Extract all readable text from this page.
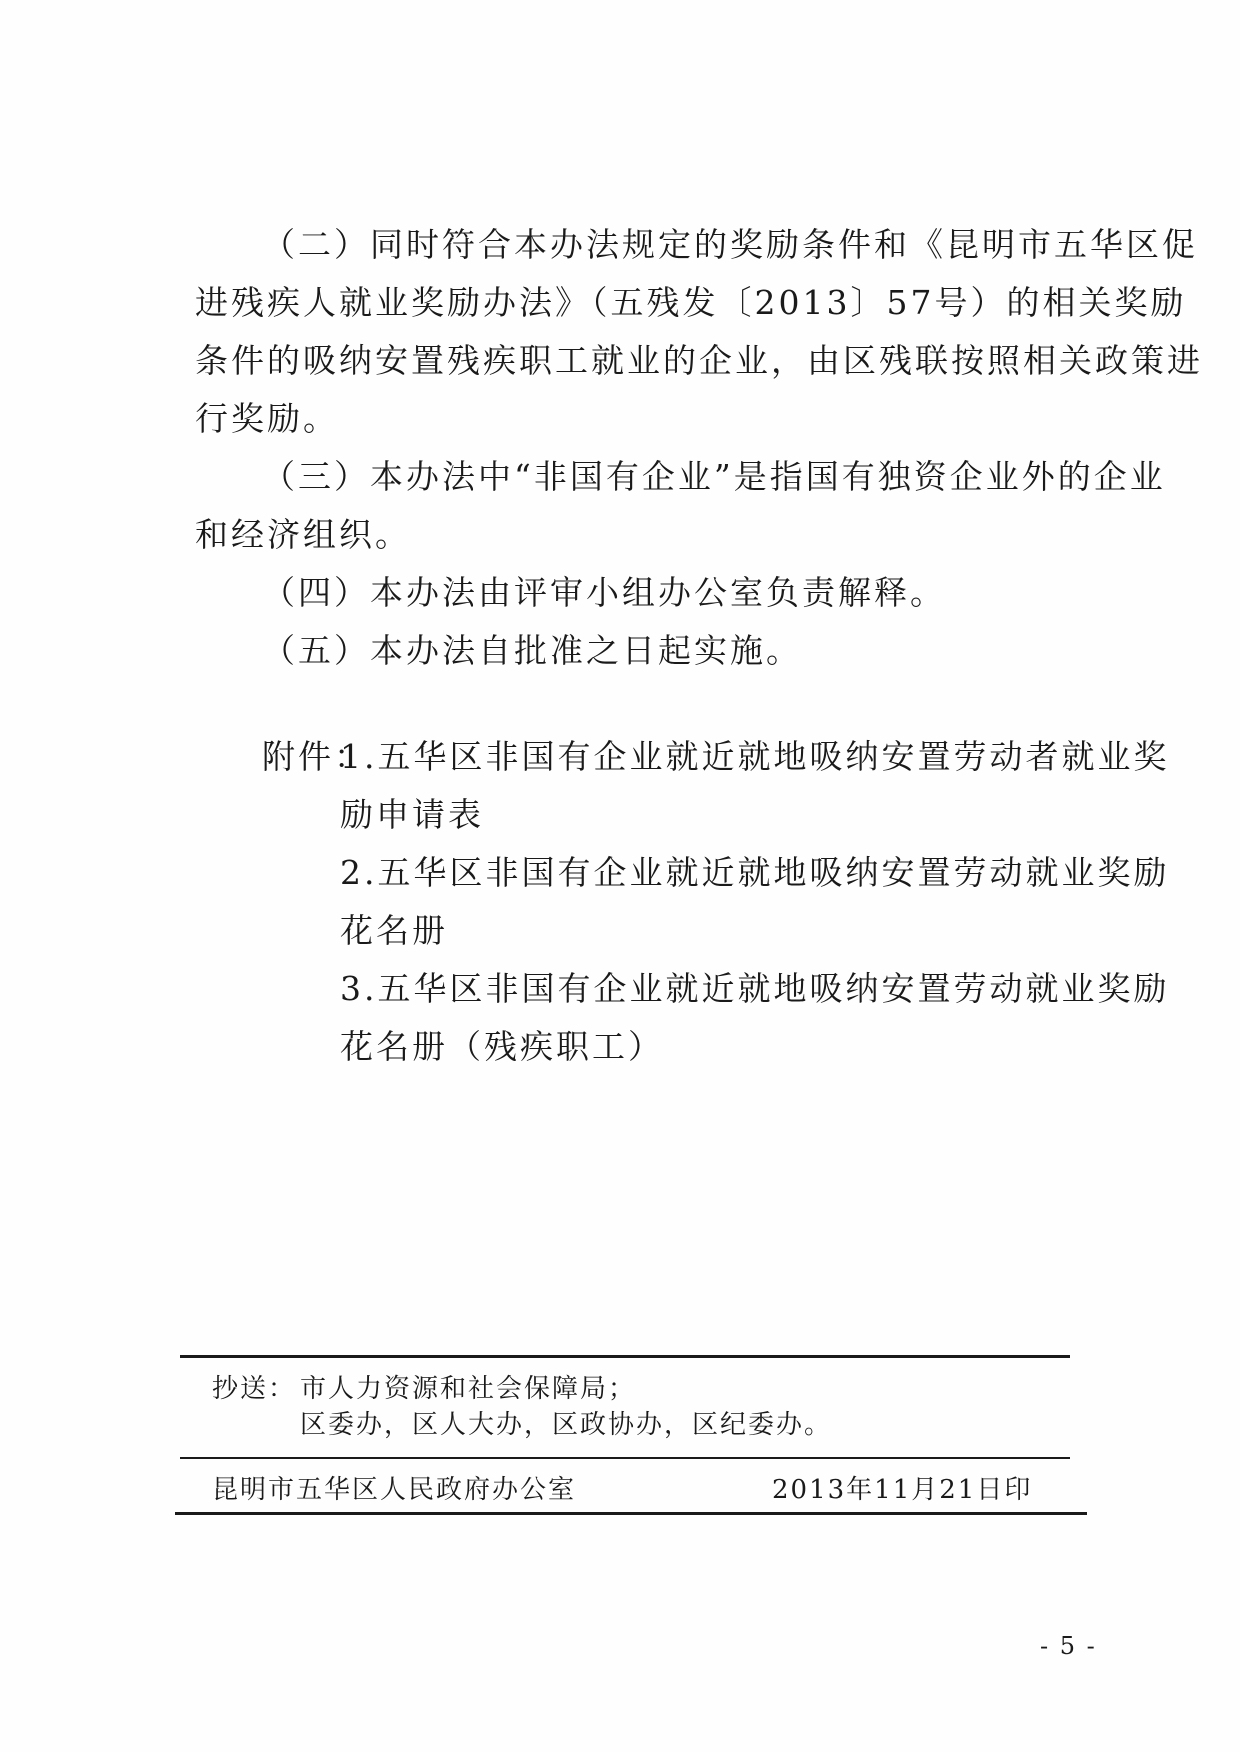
（二）同时符合本办法规定的奖励条件和《昆明市五华区促
进残疾人就业奖励办法》（五残发〔2013〕57号）的相关奖励
条件的吸纳安置残疾职工就业的企业，由区残联按照相关政策进
行奖励。
（三）本办法中“非国有企业”是指国有独资企业外的企业
和经济组织。
（四）本办法由评审小组办公室负责解释。
（五）本办法自批准之日起实施。
附件：
1.五华区非国有企业就近就地吸纳安置劳动者就业奖
励申请表
2.五华区非国有企业就近就地吸纳安置劳动就业奖励
花名册
3.五华区非国有企业就近就地吸纳安置劳动就业奖励
花名册（残疾职工）
抄送： 市人力资源和社会保障局；
区委办，区人大办，区政协办，区纪委办。
昆明市五华区人民政府办公室	2013年11月21日印
- 5 -
